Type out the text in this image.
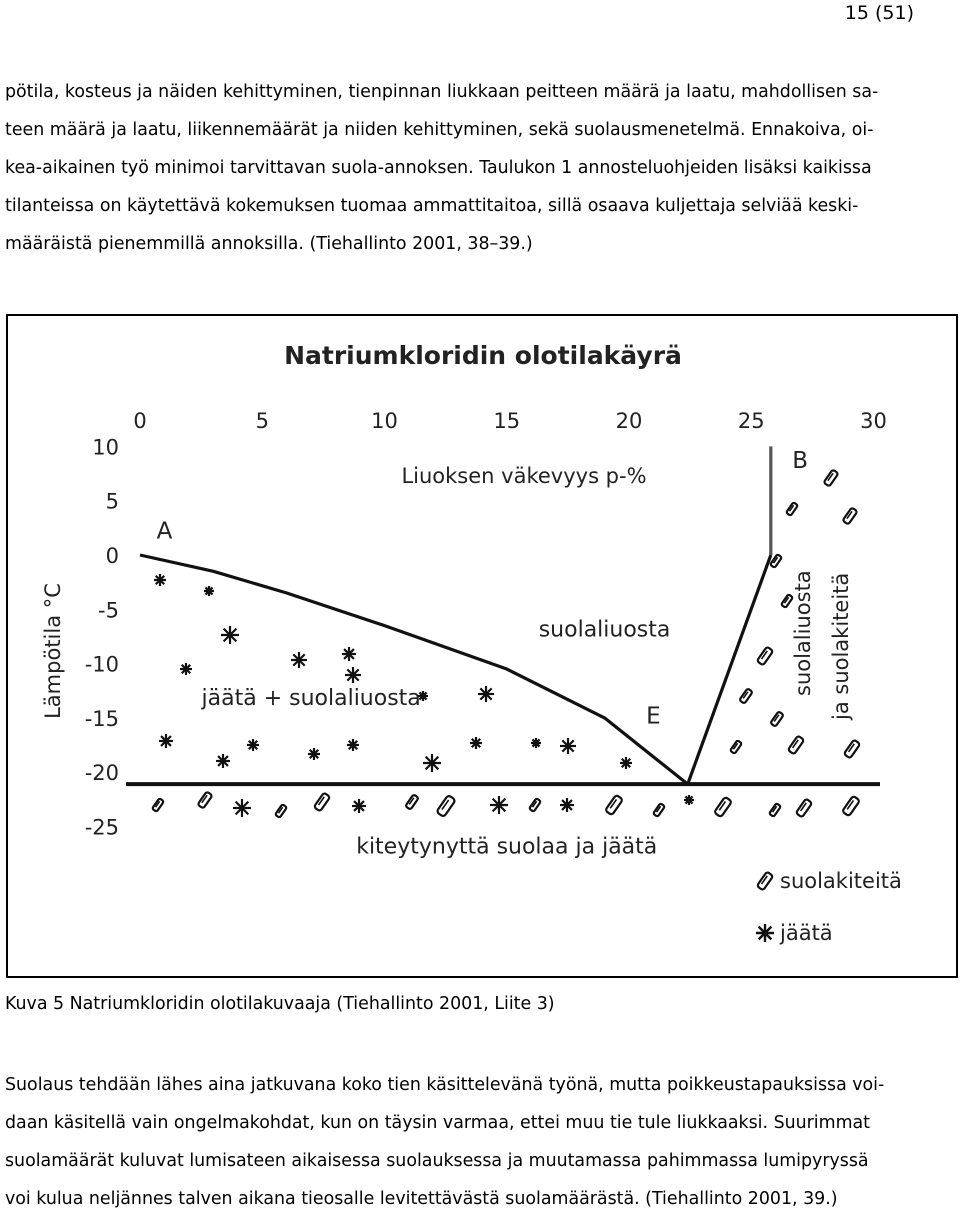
15 (51)
pötila, kosteus ja näiden kehittyminen, tienpinnan liukkaan peitteen määrä ja laatu, mahdollisen sa-
teen määrä ja laatu, liikennemäärät ja niiden kehittyminen, sekä suolausmenetelmä. Ennakoiva, oi-
kea-aikainen työ minimoi tarvittavan suola-annoksen. Taulukon 1 annosteluohjeiden lisäksi kaikissa
tilanteissa on käytettävä kokemuksen tuomaa ammattitaitoa, sillä osaava kuljettaja selviää keski-
määräistä pienemmillä annoksilla. (Tiehallinto 2001, 38–39.)
Natriumkloridin olotilakäyrä
Liuoksen väkevyys p-%
Lämpötila °C
0	5	10	15	20	25	30
10
5
0
-5
-10
-15
-20
-25
A
B
E
suolaliuosta
jäätä + suolaliuosta
kiteytynyttä suolaa ja jäätä
suolaliuosta ja suolakiteitä
suolakiteitä
jäätä
Kuva 5 Natriumkloridin olotilakuvaaja (Tiehallinto 2001, Liite 3)
Suolaus tehdään lähes aina jatkuvana koko tien käsittelevänä työnä, mutta poikkeustapauksissa voi-
daan käsitellä vain ongelmakohdat, kun on täysin varmaa, ettei muu tie tule liukkaaksi. Suurimmat
suolamäärät kuluvat lumisateen aikaisessa suolauksessa ja muutamassa pahimmassa lumipyryssä
voi kulua neljännes talven aikana tieosalle levitettävästä suolamäärästä. (Tiehallinto 2001, 39.)
